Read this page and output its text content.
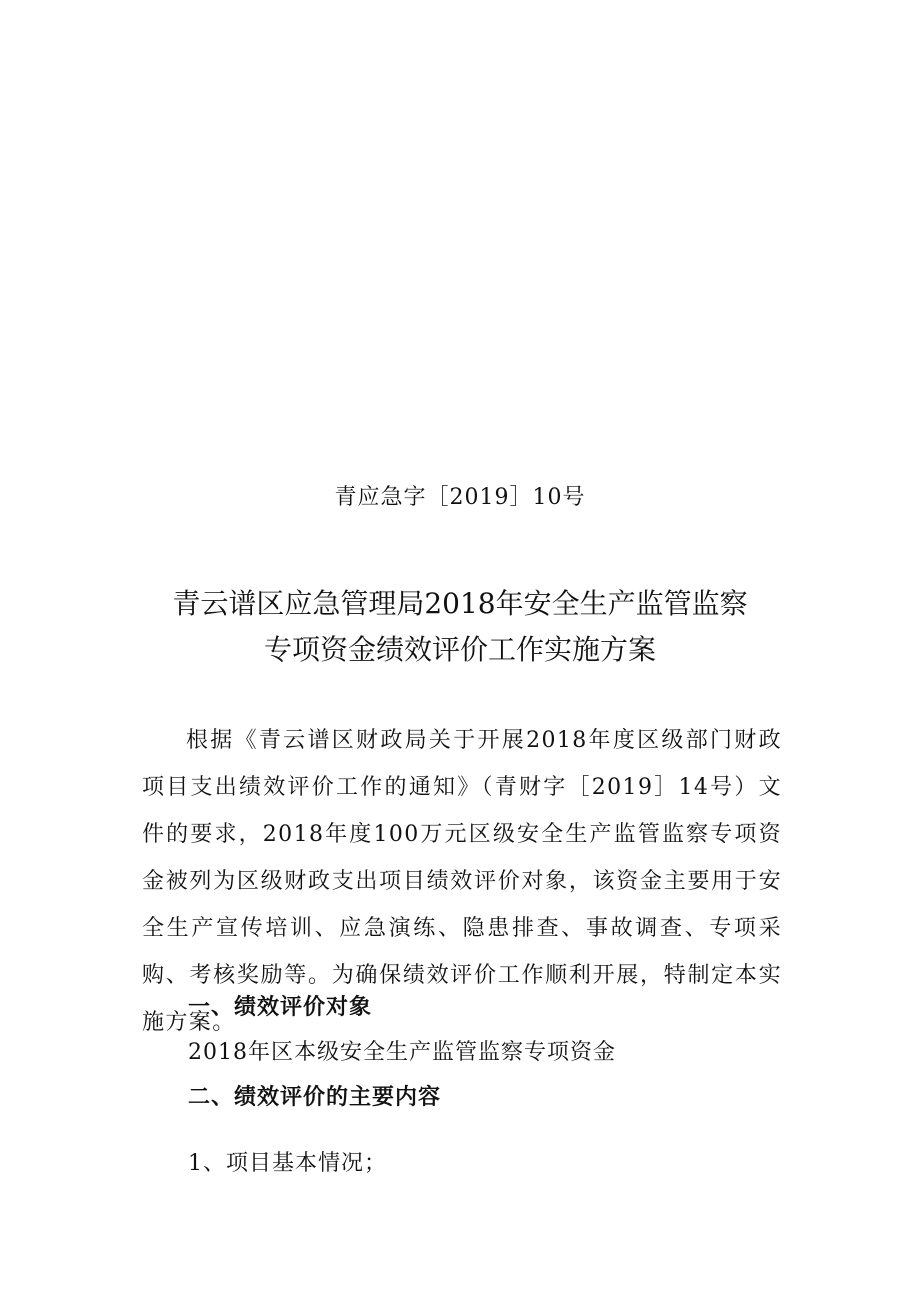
青应急字［2019］10号
青云谱区应急管理局2018年安全生产监管监察
专项资金绩效评价工作实施方案

根据《青云谱区财政局关于开展2018年度区级部门财政项目支出绩效评价工作的通知》（青财字［2019］14号）文件的要求，2018年度100万元区级安全生产监管监察专项资金被列为区级财政支出项目绩效评价对象，该资金主要用于安全生产宣传培训、应急演练、隐患排查、事故调查、专项采购、考核奖励等。为确保绩效评价工作顺利开展，特制定本实施方案。

一、绩效评价对象
2018年区本级安全生产监管监察专项资金
二、绩效评价的主要内容
1、项目基本情况；
